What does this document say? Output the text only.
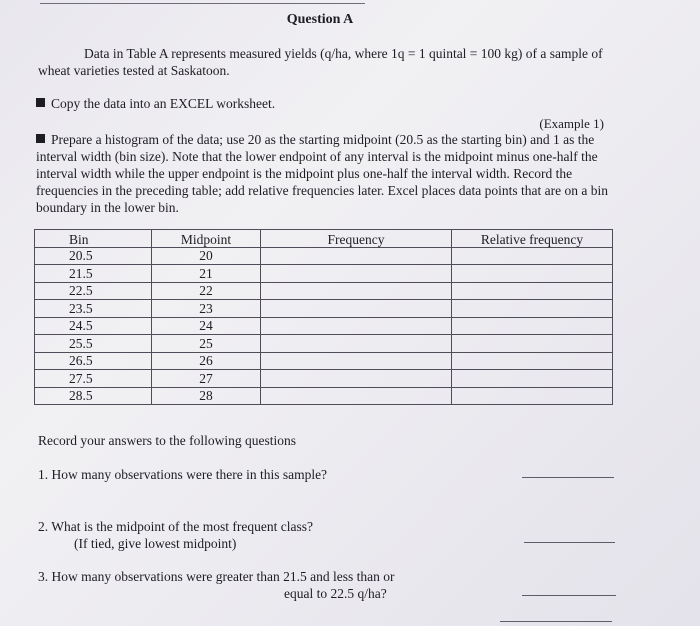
Question A
Data in Table A represents measured yields (q/ha, where 1q = 1 quintal = 100 kg) of a sample of wheat varieties tested at Saskatoon.
Copy the data into an EXCEL worksheet.
(Example 1)
Prepare a histogram of the data; use 20 as the starting midpoint (20.5 as the starting bin) and 1 as the interval width (bin size). Note that the lower endpoint of any interval is the midpoint minus one-half the interval width while the upper endpoint is the midpoint plus one-half the interval width. Record the frequencies in the preceding table; add relative frequencies later. Excel places data points that are on a bin boundary in the lower bin.
Bin	Midpoint	Frequency	Relative frequency
20.5	20		
21.5	21		
22.5	22		
23.5	23		
24.5	24		
25.5	25		
26.5	26		
27.5	27		
28.5	28		
Record your answers to the following questions
1. How many observations were there in this sample?
2. What is the midpoint of the most frequent class?
(If tied, give lowest midpoint)
3. How many observations were greater than 21.5 and less than or
equal to 22.5 q/ha?
